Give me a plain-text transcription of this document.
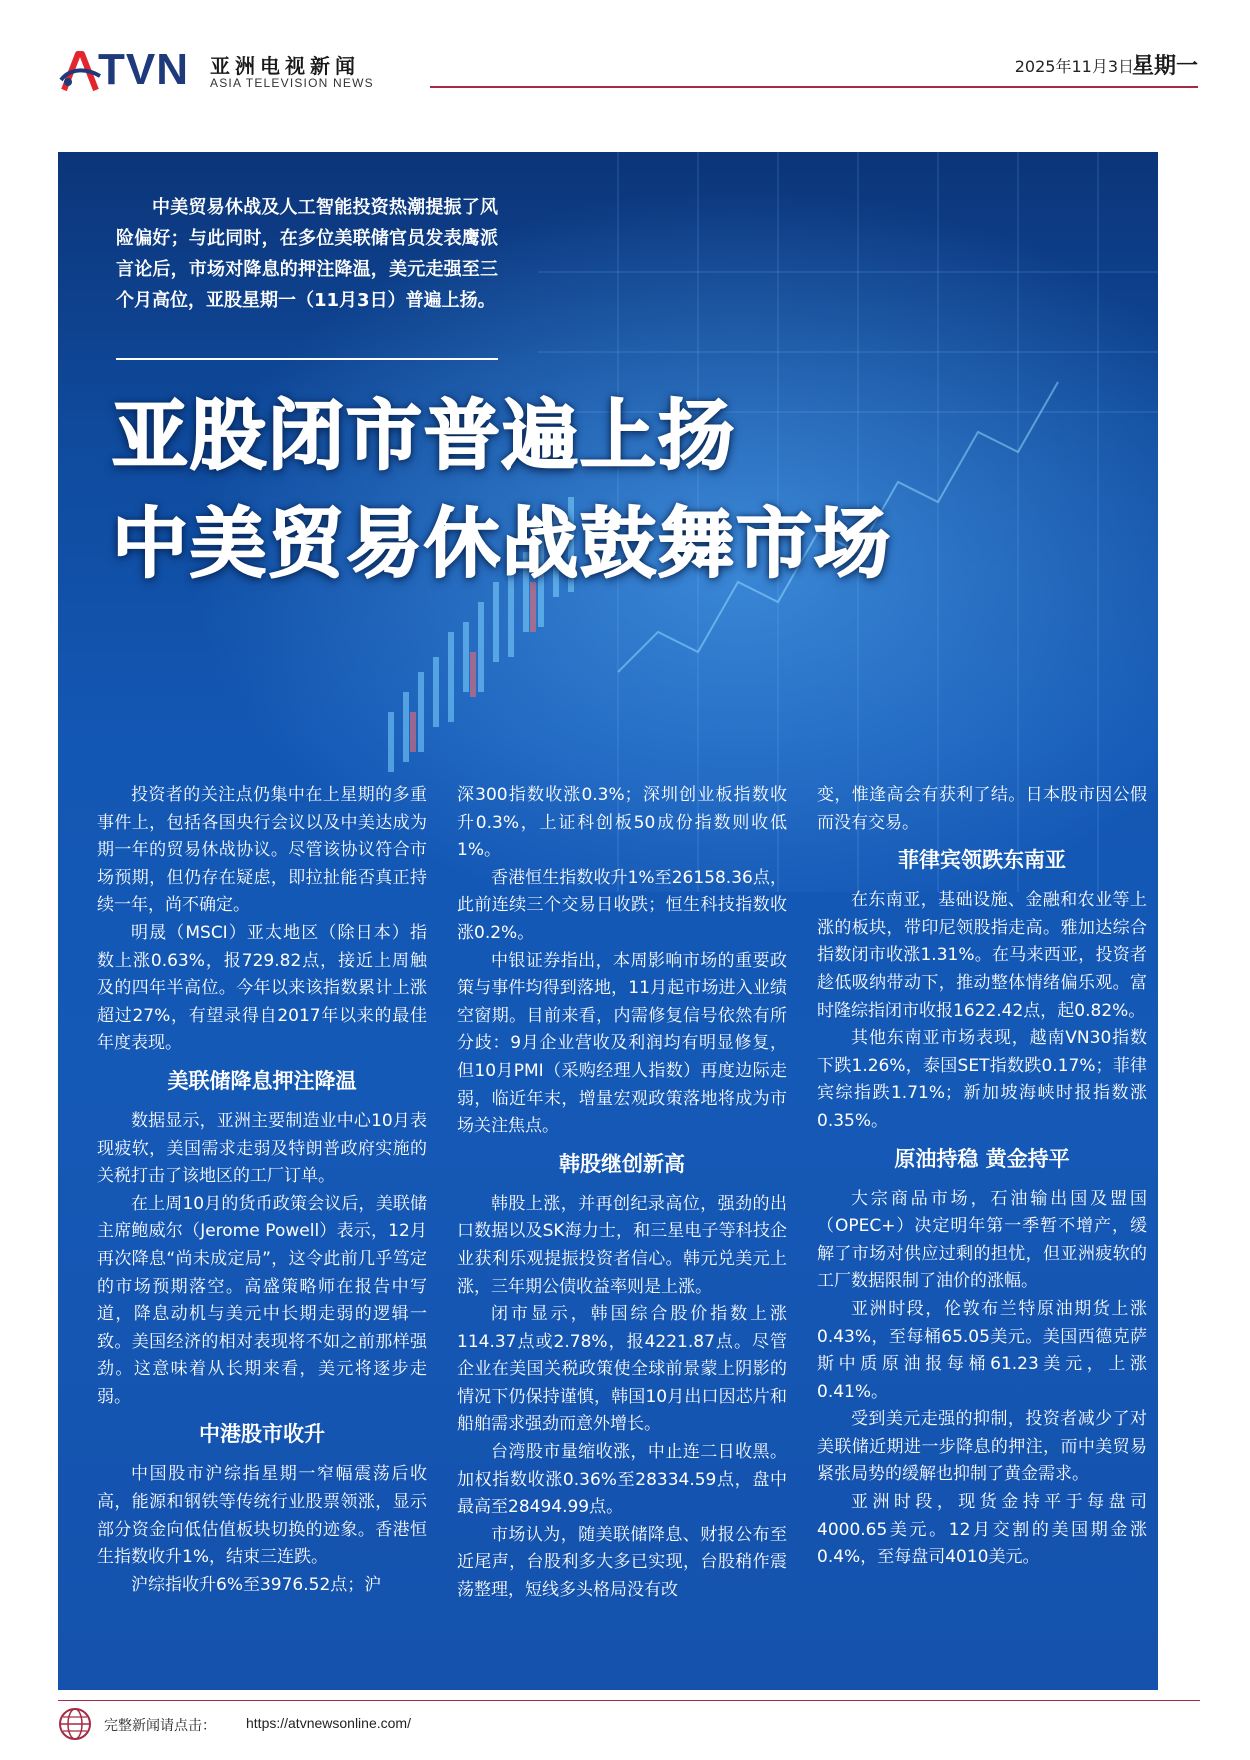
TVN 亚洲电视新闻
ASIA TELEVISION NEWS
2025年11月3日
星期一

中美贸易休战及人工智能投资热潮提振了风险偏好；与此同时，在多位美联储官员发表鹰派言论后，市场对降息的押注降温，美元走强至三个月高位，亚股星期一（11月3日）普遍上扬。

亚股闭市普遍上扬
中美贸易休战鼓舞市场

投资者的关注点仍集中在上星期的多重事件上，包括各国央行会议以及中美达成为期一年的贸易休战协议。尽管该协议符合市场预期，但仍存在疑虑，即拉扯能否真正持续一年，尚不确定。

明晟（MSCI）亚太地区（除日本）指数上涨0.63%，报729.82点，接近上周触及的四年半高位。今年以来该指数累计上涨超过27%，有望录得自2017年以来的最佳年度表现。

美联储降息押注降温

数据显示，亚洲主要制造业中心10月表现疲软，美国需求走弱及特朗普政府实施的关税打击了该地区的工厂订单。

在上周10月的货币政策会议后，美联储主席鲍威尔（Jerome Powell）表示，12月再次降息“尚未成定局”，这令此前几乎笃定的市场预期落空。高盛策略师在报告中写道，降息动机与美元中长期走弱的逻辑一致。美国经济的相对表现将不如之前那样强劲。这意味着从长期来看，美元将逐步走弱。

中港股市收升

中国股市沪综指星期一窄幅震荡后收高，能源和钢铁等传统行业股票领涨，显示部分资金向低估值板块切换的迹象。香港恒生指数收升1%，结束三连跌。

沪综指收升6%至3976.52点；沪

深300指数收涨0.3%；深圳创业板指数收升0.3%，上证科创板50成份指数则收低1%。

香港恒生指数收升1%至26158.36点，此前连续三个交易日收跌；恒生科技指数收涨0.2%。

中银证券指出，本周影响市场的重要政策与事件均得到落地，11月起市场进入业绩空窗期。目前来看，内需修复信号依然有所分歧：9月企业营收及利润均有明显修复，但10月PMI（采购经理人指数）再度边际走弱，临近年末，增量宏观政策落地将成为市场关注焦点。

韩股继创新高

韩股上涨，并再创纪录高位，强劲的出口数据以及SK海力士，和三星电子等科技企业获利乐观提振投资者信心。韩元兑美元上涨，三年期公债收益率则是上涨。

闭市显示，韩国综合股价指数上涨114.37点或2.78%，报4221.87点。尽管企业在美国关税政策使全球前景蒙上阴影的情况下仍保持谨慎，韩国10月出口因芯片和船舶需求强劲而意外增长。

台湾股市量缩收涨，中止连二日收黑。加权指数收涨0.36%至28334.59点，盘中最高至28494.99点。

市场认为，随美联储降息、财报公布至近尾声，台股利多大多已实现，台股稍作震荡整理，短线多头格局没有改

变，惟逢高会有获利了结。日本股市因公假而没有交易。

菲律宾领跌东南亚

在东南亚，基础设施、金融和农业等上涨的板块，带印尼领股指走高。雅加达综合指数闭市收涨1.31%。在马来西亚，投资者趁低吸纳带动下，推动整体情绪偏乐观。富时隆综指闭市收报1622.42点，起0.82%。

其他东南亚市场表现，越南VN30指数下跌1.26%，泰国SET指数跌0.17%；菲律宾综指跌1.71%；新加坡海峡时报指数涨0.35%。

原油持稳 黄金持平

大宗商品市场，石油输出国及盟国（OPEC+）决定明年第一季暂不增产，缓解了市场对供应过剩的担忧，但亚洲疲软的工厂数据限制了油价的涨幅。

亚洲时段，伦敦布兰特原油期货上涨0.43%，至每桶65.05美元。美国西德克萨斯中质原油报每桶61.23美元，上涨0.41%。

受到美元走强的抑制，投资者减少了对美联储近期进一步降息的押注，而中美贸易紧张局势的缓解也抑制了黄金需求。

亚洲时段，现货金持平于每盘司4000.65美元。12月交割的美国期金涨0.4%，至每盘司4010美元。

完整新闻请点击： https://atvnewsonline.com/
